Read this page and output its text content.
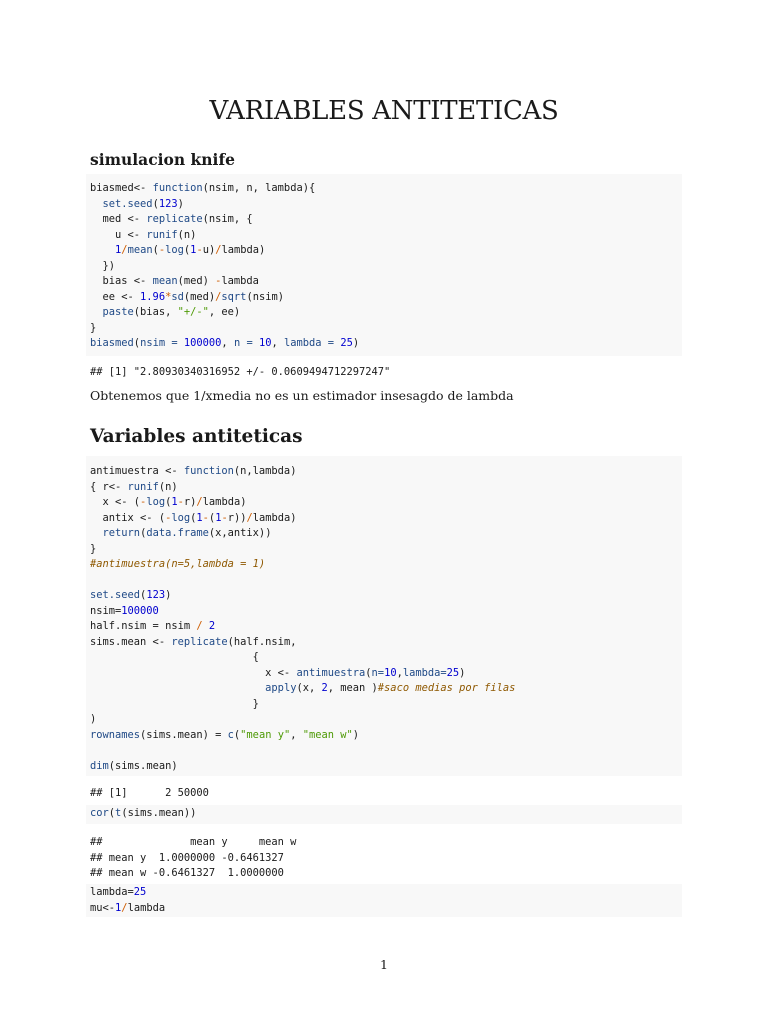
VARIABLES ANTITETICAS
simulacion knife
biasmed<- function(nsim, n, lambda){
set.seed(123)
med <- replicate(nsim, {
u <- runif(n)
1/mean(-log(1-u)/lambda)
})
bias <- mean(med) -lambda
ee <- 1.96*sd(med)/sqrt(nsim)
paste(bias, "+/-", ee)
}
biasmed(nsim = 100000, n = 10, lambda = 25)
## [1] "2.80930340316952 +/- 0.0609494712297247"
Obtenemos que 1/xmedia no es un estimador insesagdo de lambda
Variables antiteticas
antimuestra <- function(n,lambda)
{ r<- runif(n)
x <- (-log(1-r)/lambda)
antix <- (-log(1-(1-r))/lambda)
return(data.frame(x,antix))
}
#antimuestra(n=5,lambda = 1)
set.seed(123)
nsim=100000
half.nsim = nsim / 2
sims.mean <- replicate(half.nsim,
{
x <- antimuestra(n=10,lambda=25)
apply(x, 2, mean )#saco medias por filas
}
)
rownames(sims.mean) = c("mean y", "mean w")
dim(sims.mean)
## [1]      2 50000
cor(t(sims.mean))
##              mean y     mean w
## mean y  1.0000000 -0.6461327
## mean w -0.6461327  1.0000000
lambda=25
mu<-1/lambda
1
